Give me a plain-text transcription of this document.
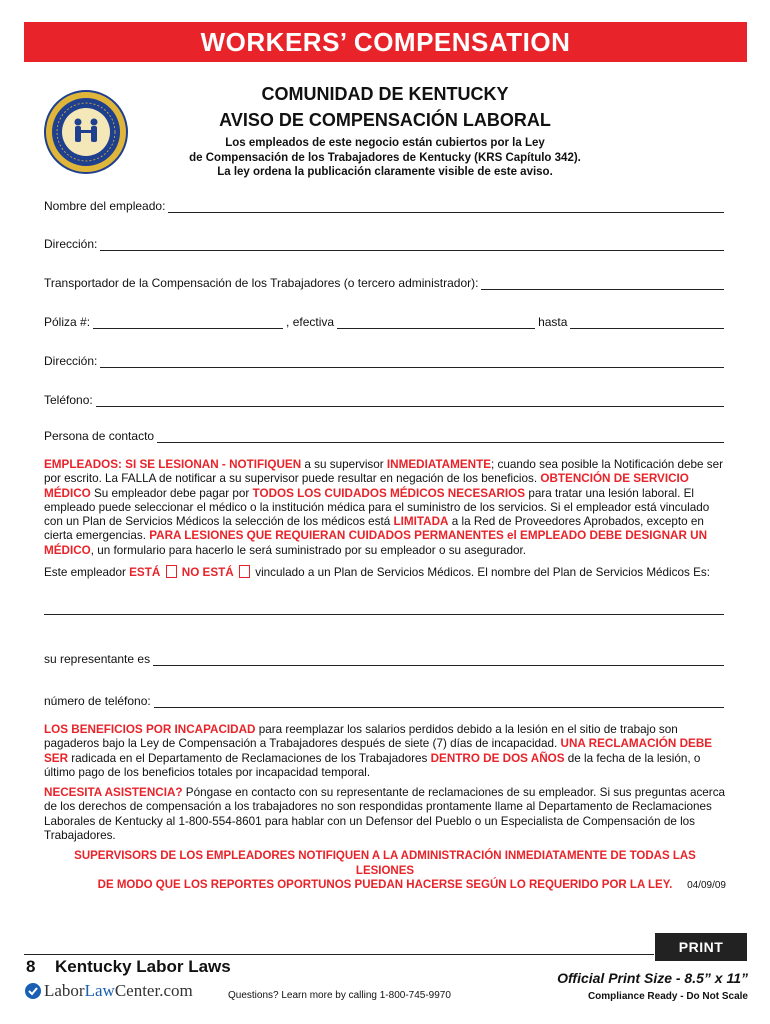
WORKERS’ COMPENSATION
COMUNIDAD DE KENTUCKY
AVISO DE COMPENSACIÓN LABORAL
Los empleados de este negocio están cubiertos por la Ley
de Compensación de los Trabajadores de Kentucky (KRS Capítulo 342).
La ley ordena la publicación claramente visible de este aviso.
Nombre del empleado:
Dirección:
Transportador de la Compensación de los Trabajadores (o tercero administrador):
Póliza #:	, efectiva	hasta
Dirección:
Teléfono:
Persona de contacto
EMPLEADOS: SI SE LESIONAN - NOTIFIQUEN a su supervisor INMEDIATAMENTE; cuando sea posible la Notificación debe ser por escrito. La FALLA de notificar a su supervisor puede resultar en negación de los beneficios. OBTENCIÓN DE SERVICIO MÉDICO Su empleador debe pagar por TODOS LOS CUIDADOS MÉDICOS NECESARIOS para tratar una lesión laboral. El empleado puede seleccionar el médico o la institución médica para el suministro de los servicios. Si el empleador está vinculado con un Plan de Servicios Médicos la selección de los médicos está LIMITADA a la Red de Proveedores Aprobados, excepto en cierta emergencias. PARA LESIONES QUE REQUIERAN CUIDADOS PERMANENTES el EMPLEADO DEBE DESIGNAR UN MÉDICO, un formulario para hacerlo le será suministrado por su empleador o su asegurador.
Este empleador ESTÁ NO ESTÁ vinculado a un Plan de Servicios Médicos. El nombre del Plan de Servicios Médicos Es:
su representante es
número de teléfono:
LOS BENEFICIOS POR INCAPACIDAD para reemplazar los salarios perdidos debido a la lesión en el sitio de trabajo son pagaderos bajo la Ley de Compensación a Trabajadores después de siete (7) días de incapacidad. UNA RECLAMACIÓN DEBE SER radicada en el Departamento de Reclamaciones de los Trabajadores DENTRO DE DOS AÑOS de la fecha de la lesión, o último pago de los beneficios totales por incapacidad temporal.
NECESITA ASISTENCIA? Póngase en contacto con su representante de reclamaciones de su empleador. Si sus preguntas acerca de los derechos de compensación a los trabajadores no son respondidas prontamente llame al Departamento de Reclamaciones Laborales de Kentucky al 1-800-554-8601 para hablar con un Defensor del Pueblo o un Especialista de Compensación de los Trabajadores.
SUPERVISORS DE LOS EMPLEADORES NOTIFIQUEN A LA ADMINISTRACIÓN INMEDIATAMENTE DE TODAS LAS LESIONES
DE MODO QUE LOS REPORTES OPORTUNOS PUEDAN HACERSE SEGÚN LO REQUERIDO POR LA LEY.	04/09/09
PRINT
8 Kentucky Labor Laws
Labor Law Center.com	Questions? Learn more by calling 1-800-745-9970
Official Print Size - 8.5” x 11”
Compliance Ready - Do Not Scale
